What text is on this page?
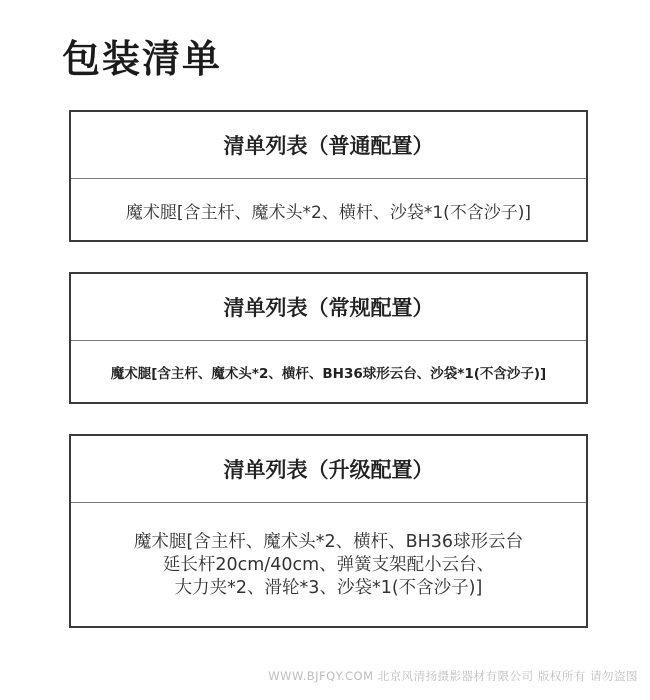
包装清单
清单列表（普通配置）
魔术腿[含主杆、魔术头*2、横杆、沙袋*1(不含沙子)]
清单列表（常规配置）
魔术腿[含主杆、魔术头*2、横杆、BH36球形云台、沙袋*1(不含沙子)]
清单列表（升级配置）
魔术腿[含主杆、魔术头*2、横杆、BH36球形云台
延长杆20cm/40cm、弹簧支架配小云台、
大力夹*2、滑轮*3、沙袋*1(不含沙子)]
WWW.BJFQY.COM 北京风清扬摄影器材有限公司 版权所有 请勿盗图
